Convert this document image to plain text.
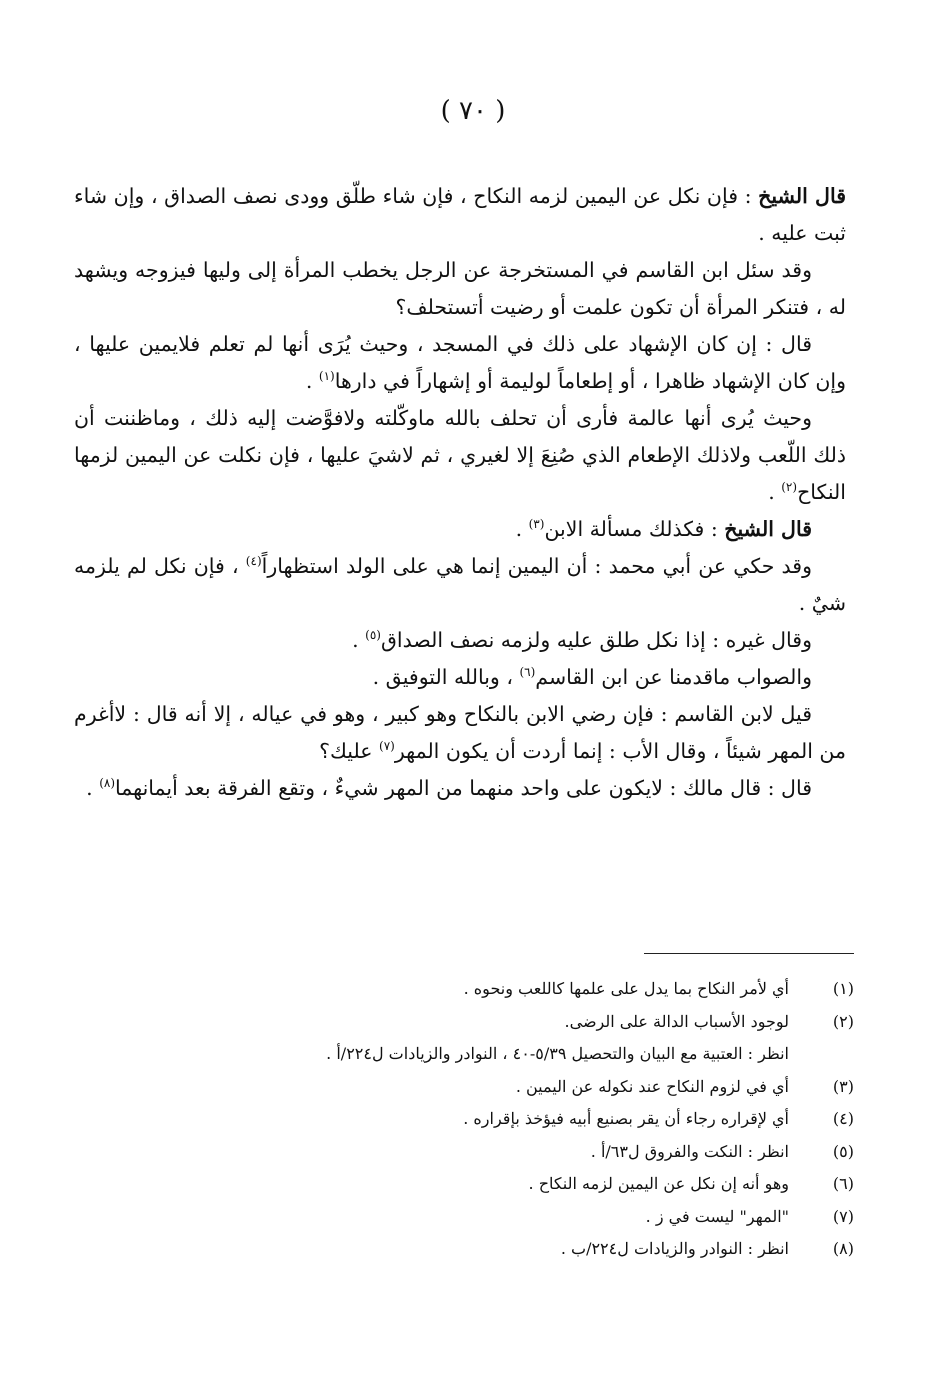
( ٧٠ )

قال الشيخ : فإن نكل عن اليمين لزمه النكاح ، فإن شاء طلّق وودى نصف الصداق ، وإن شاء ثبت عليه .

وقد سئل ابن القاسم في المستخرجة عن الرجل يخطب المرأة إلى وليها فيزوجه ويشهد له ، فتنكر المرأة أن تكون علمت أو رضيت أتستحلف؟

قال : إن كان الإشهاد على ذلك في المسجد ، وحيث يُرَى أنها لم تعلم فلايمين عليها ، وإن كان الإشهاد ظاهرا ، أو إطعاماً لوليمة أو إشهاراً في دارها$^{(١)}$ .

وحيث يُرى أنها عالمة فأرى أن تحلف بالله ماوكّلته ولافوَّضت إليه ذلك ، وماظننت أن ذلك اللّعب ولاذلك الإطعام الذي صُنِعَ إلا لغيري ، ثم لاشيَ عليها ، فإن نكلت عن اليمين لزمها النكاح$^{(٢)}$ .

قال الشيخ : فكذلك مسألة الابن$^{(٣)}$ .

وقد حكي عن أبي محمد : أن اليمين إنما هي على الولد استظهاراً$^{(٤)}$ ، فإن نكل لم يلزمه شيٌ .

وقال غيره : إذا نكل طلق عليه ولزمه نصف الصداق$^{(٥)}$ .

والصواب ماقدمنا عن ابن القاسم$^{(٦)}$ ، وبالله التوفيق .

قيل لابن القاسم : فإن رضي الابن بالنكاح وهو كبير ، وهو في عياله ، إلا أنه قال : لاأغرم من المهر شيئاً ، وقال الأب : إنما أردت أن يكون المهر$^{(٧)}$ عليك؟

قال : قال مالك : لايكون على واحد منهما من المهر شيءٌ ، وتقع الفرقة بعد أيمانهما$^{(٨)}$ .

(١)
أي لأمر النكاح بما يدل على علمها كاللعب ونحوه .
(٢)
لوجود الأسباب الدالة على الرضى.
انظر : العتبية مع البيان والتحصيل ٥/٣٩-٤٠ ، النوادر والزيادات ل٢٢٤/أ .
(٣)
أي في لزوم النكاح عند نكوله عن اليمين .
(٤)
أي لإقراره رجاء أن يقر بصنيع أبيه فيؤخذ بإقراره .
(٥)
انظر : النكت والفروق ل٦٣/أ .
(٦)
وهو أنه إن نكل عن اليمين لزمه النكاح .
(٧)
"المهر" ليست في ز .
(٨)
انظر : النوادر والزيادات ل٢٢٤/ب .
